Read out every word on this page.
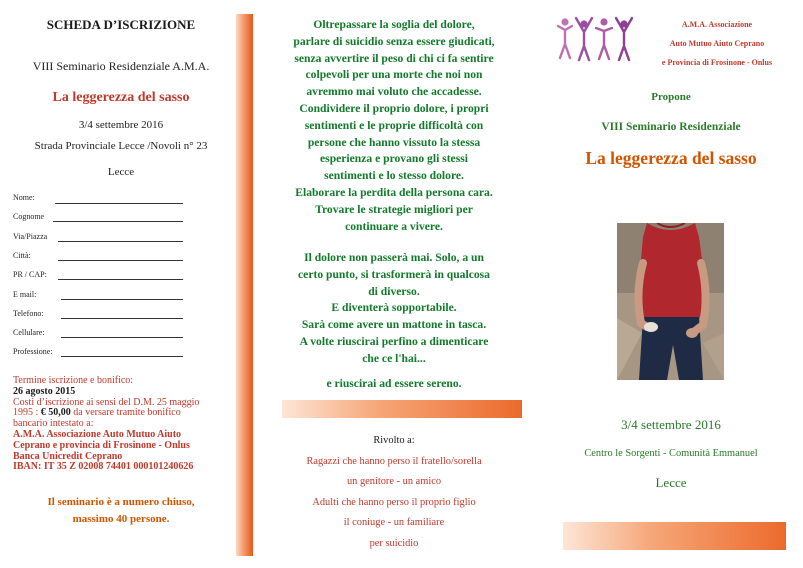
SCHEDA D’ISCRIZIONE
VIII Seminario Residenziale A.M.A.
La leggerezza del sasso
3/4 settembre 2016
Strada Provinciale Lecce /Novoli n° 23
Lecce
Nome:
Cognome
Via/Piazza
Città:
PR / CAP:
E mail:
Telefono:
Cellulare:
Professione:
Termine iscrizione e bonifico:
26 agosto 2015
Costi d’iscrizione ai sensi del D.M. 25 maggio
1995 : € 50,00 da versare tramite bonifico
bancario intestato a:
A.M.A. Associazione Auto Mutuo Aiuto
Ceprano e provincia di Frosinone - Onlus
Banca Unicredit Ceprano
IBAN: IT 35 Z 02008 74401 000101240626
Il seminario è a numero chiuso,
massimo 40 persone.
Oltrepassare la soglia del dolore,
parlare di suicidio senza essere giudicati,
senza avvertire il peso di chi ci fa sentire
colpevoli per una morte che noi non
avremmo mai voluto che accadesse.
Condividere il proprio dolore, i propri
sentimenti e le proprie difficoltà con
persone che hanno vissuto la stessa
esperienza e provano gli stessi
sentimenti e lo stesso dolore.
Elaborare la perdita della persona cara.
Trovare le strategie migliori per
continuare a vivere.
Il dolore non passerà mai. Solo, a un
certo punto, si trasformerà in qualcosa
di diverso.
E diventerà sopportabile.
Sarà come avere un mattone in tasca.
A volte riuscirai perfino a dimenticare
che ce l'hai...
e riuscirai ad essere sereno.
Rivolto a:
Ragazzi che hanno perso il fratello/sorella
un genitore - un amico
Adulti che hanno perso il proprio figlio
il coniuge - un familiare
per suicidio
A.M.A. Associazione
Auto Mutuo Aiuto Ceprano
e Provincia di Frosinone - Onlus
Propone
VIII Seminario Residenziale
La leggerezza del sasso
3/4 settembre 2016
Centro le Sorgenti - Comunità Emmanuel
Lecce
